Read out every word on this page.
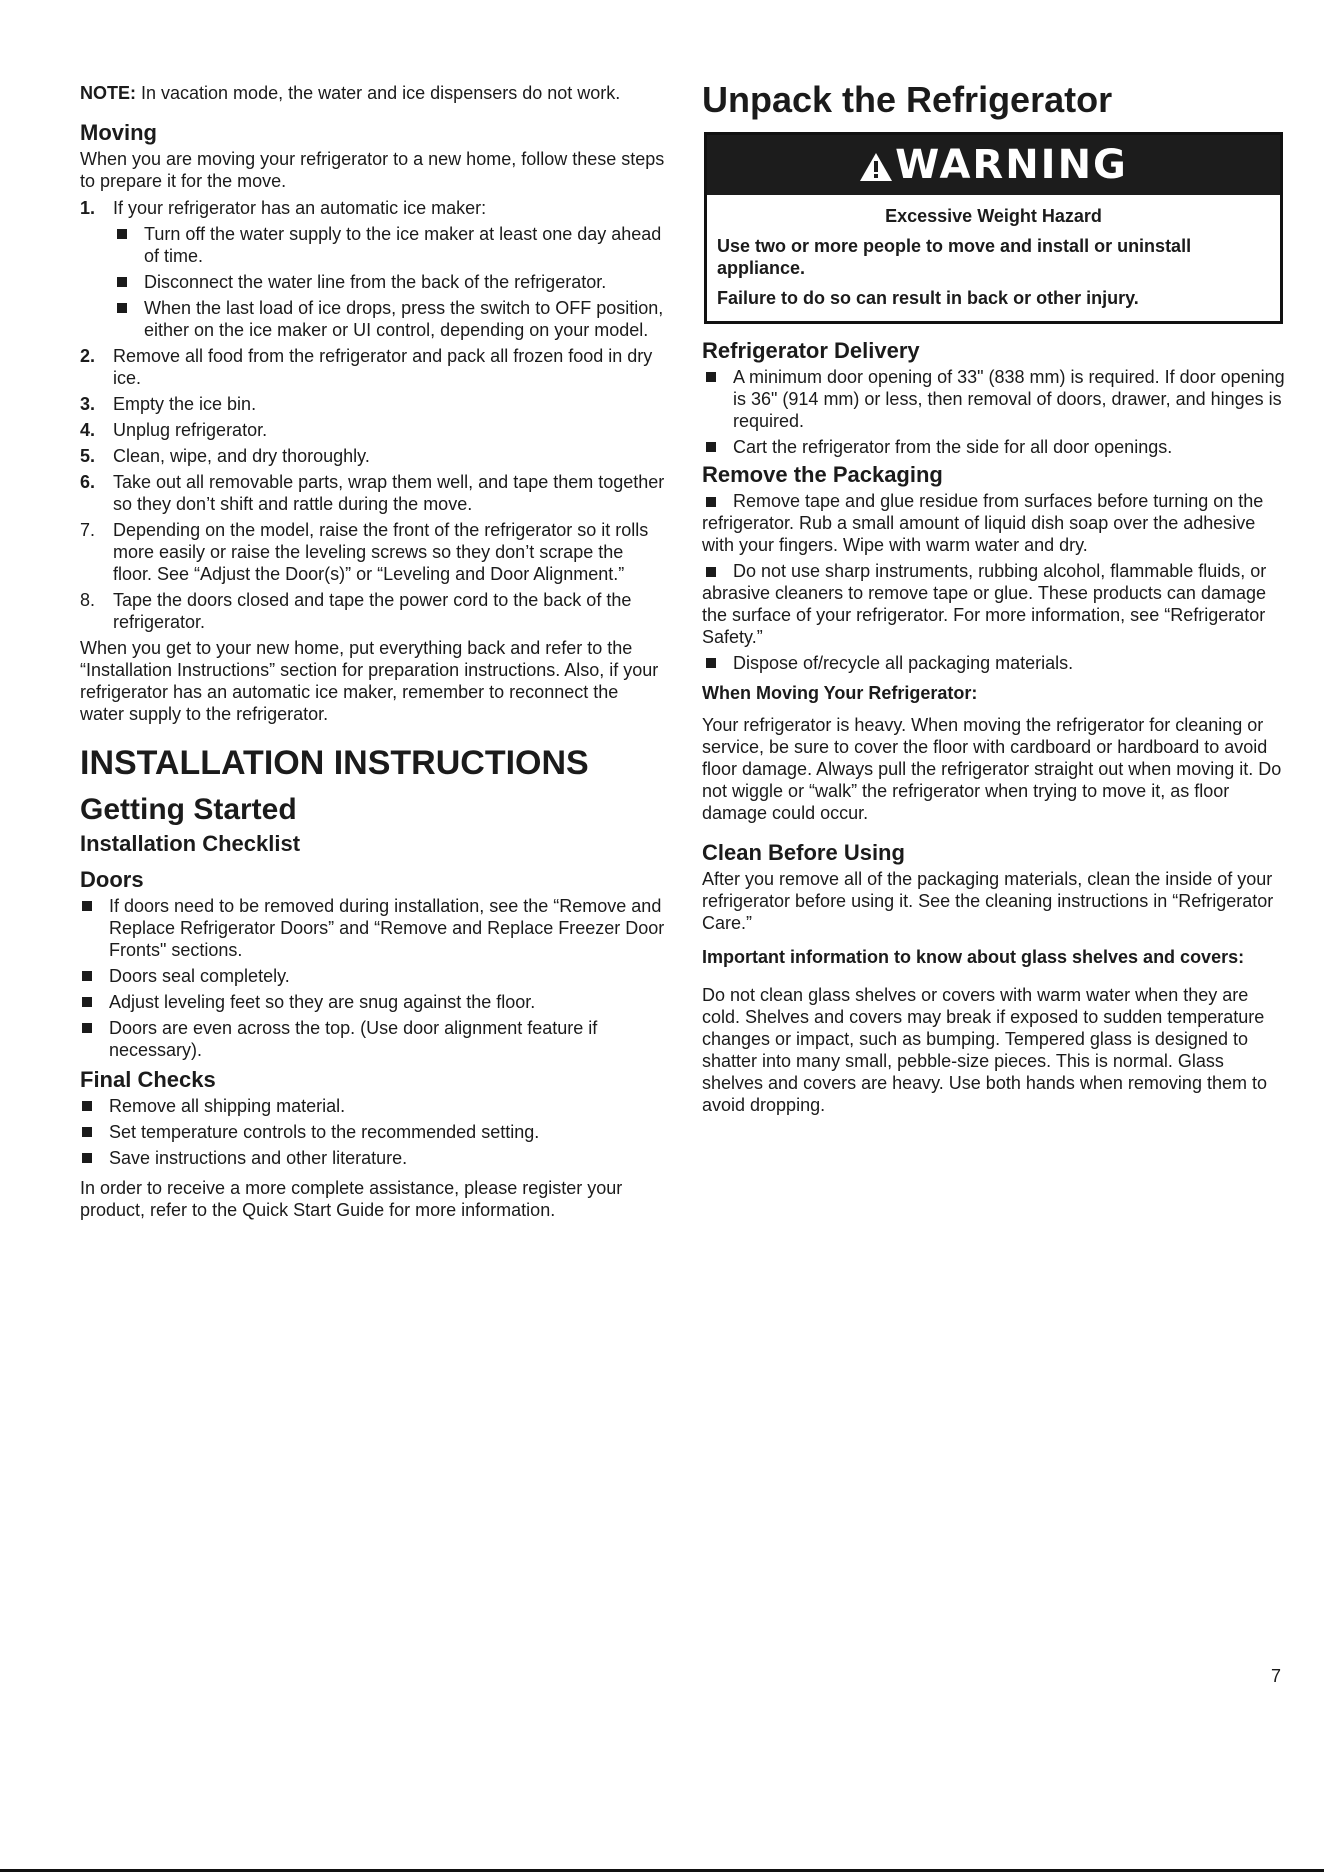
NOTE: In vacation mode, the water and ice dispensers do not work.

Moving

When you are moving your refrigerator to a new home, follow these steps to prepare it for the move.

1. If your refrigerator has an automatic ice maker:
Turn off the water supply to the ice maker at least one day ahead of time.
Disconnect the water line from the back of the refrigerator.
When the last load of ice drops, press the switch to OFF position, either on the ice maker or UI control, depending on your model.
2. Remove all food from the refrigerator and pack all frozen food in dry ice.
3. Empty the ice bin.
4. Unplug refrigerator.
5. Clean, wipe, and dry thoroughly.
6. Take out all removable parts, wrap them well, and tape them together so they don’t shift and rattle during the move.
7. Depending on the model, raise the front of the refrigerator so it rolls more easily or raise the leveling screws so they don’t scrape the floor. See “Adjust the Door(s)” or “Leveling and Door Alignment.”
8. Tape the doors closed and tape the power cord to the back of the refrigerator.

When you get to your new home, put everything back and refer to the “Installation Instructions” section for preparation instructions. Also, if your refrigerator has an automatic ice maker, remember to reconnect the water supply to the refrigerator.

INSTALLATION INSTRUCTIONS
Getting Started
Installation Checklist
Doors
If doors need to be removed during installation, see the “Remove and Replace Refrigerator Doors” and “Remove and Replace Freezer Door Fronts" sections.
Doors seal completely.
Adjust leveling feet so they are snug against the floor.
Doors are even across the top. (Use door alignment feature if necessary).
Final Checks
Remove all shipping material.
Set temperature controls to the recommended setting.
Save instructions and other literature.

In order to receive a more complete assistance, please register your product, refer to the Quick Start Guide for more information.

Unpack the Refrigerator
WARNING

Excessive Weight Hazard

Use two or more people to move and install or uninstall appliance.

Failure to do so can result in back or other injury.

Refrigerator Delivery
A minimum door opening of 33" (838 mm) is required. If door opening is 36" (914 mm) or less, then removal of doors, drawer, and hinges is required.
Cart the refrigerator from the side for all door openings.
Remove the Packaging

Remove tape and glue residue from surfaces before turning on the refrigerator. Rub a small amount of liquid dish soap over the adhesive with your fingers. Wipe with warm water and dry.

Do not use sharp instruments, rubbing alcohol, flammable fluids, or abrasive cleaners to remove tape or glue. These products can damage the surface of your refrigerator. For more information, see “Refrigerator Safety.”

Dispose of/recycle all packaging materials.

When Moving Your Refrigerator:

Your refrigerator is heavy. When moving the refrigerator for cleaning or service, be sure to cover the floor with cardboard or hardboard to avoid floor damage. Always pull the refrigerator straight out when moving it. Do not wiggle or “walk” the refrigerator when trying to move it, as floor damage could occur.

Clean Before Using

After you remove all of the packaging materials, clean the inside of your refrigerator before using it. See the cleaning instructions in “Refrigerator Care.”

Important information to know about glass shelves and covers:

Do not clean glass shelves or covers with warm water when they are cold. Shelves and covers may break if exposed to sudden temperature changes or impact, such as bumping. Tempered glass is designed to shatter into many small, pebble-size pieces. This is normal. Glass shelves and covers are heavy. Use both hands when removing them to avoid dropping.

7
